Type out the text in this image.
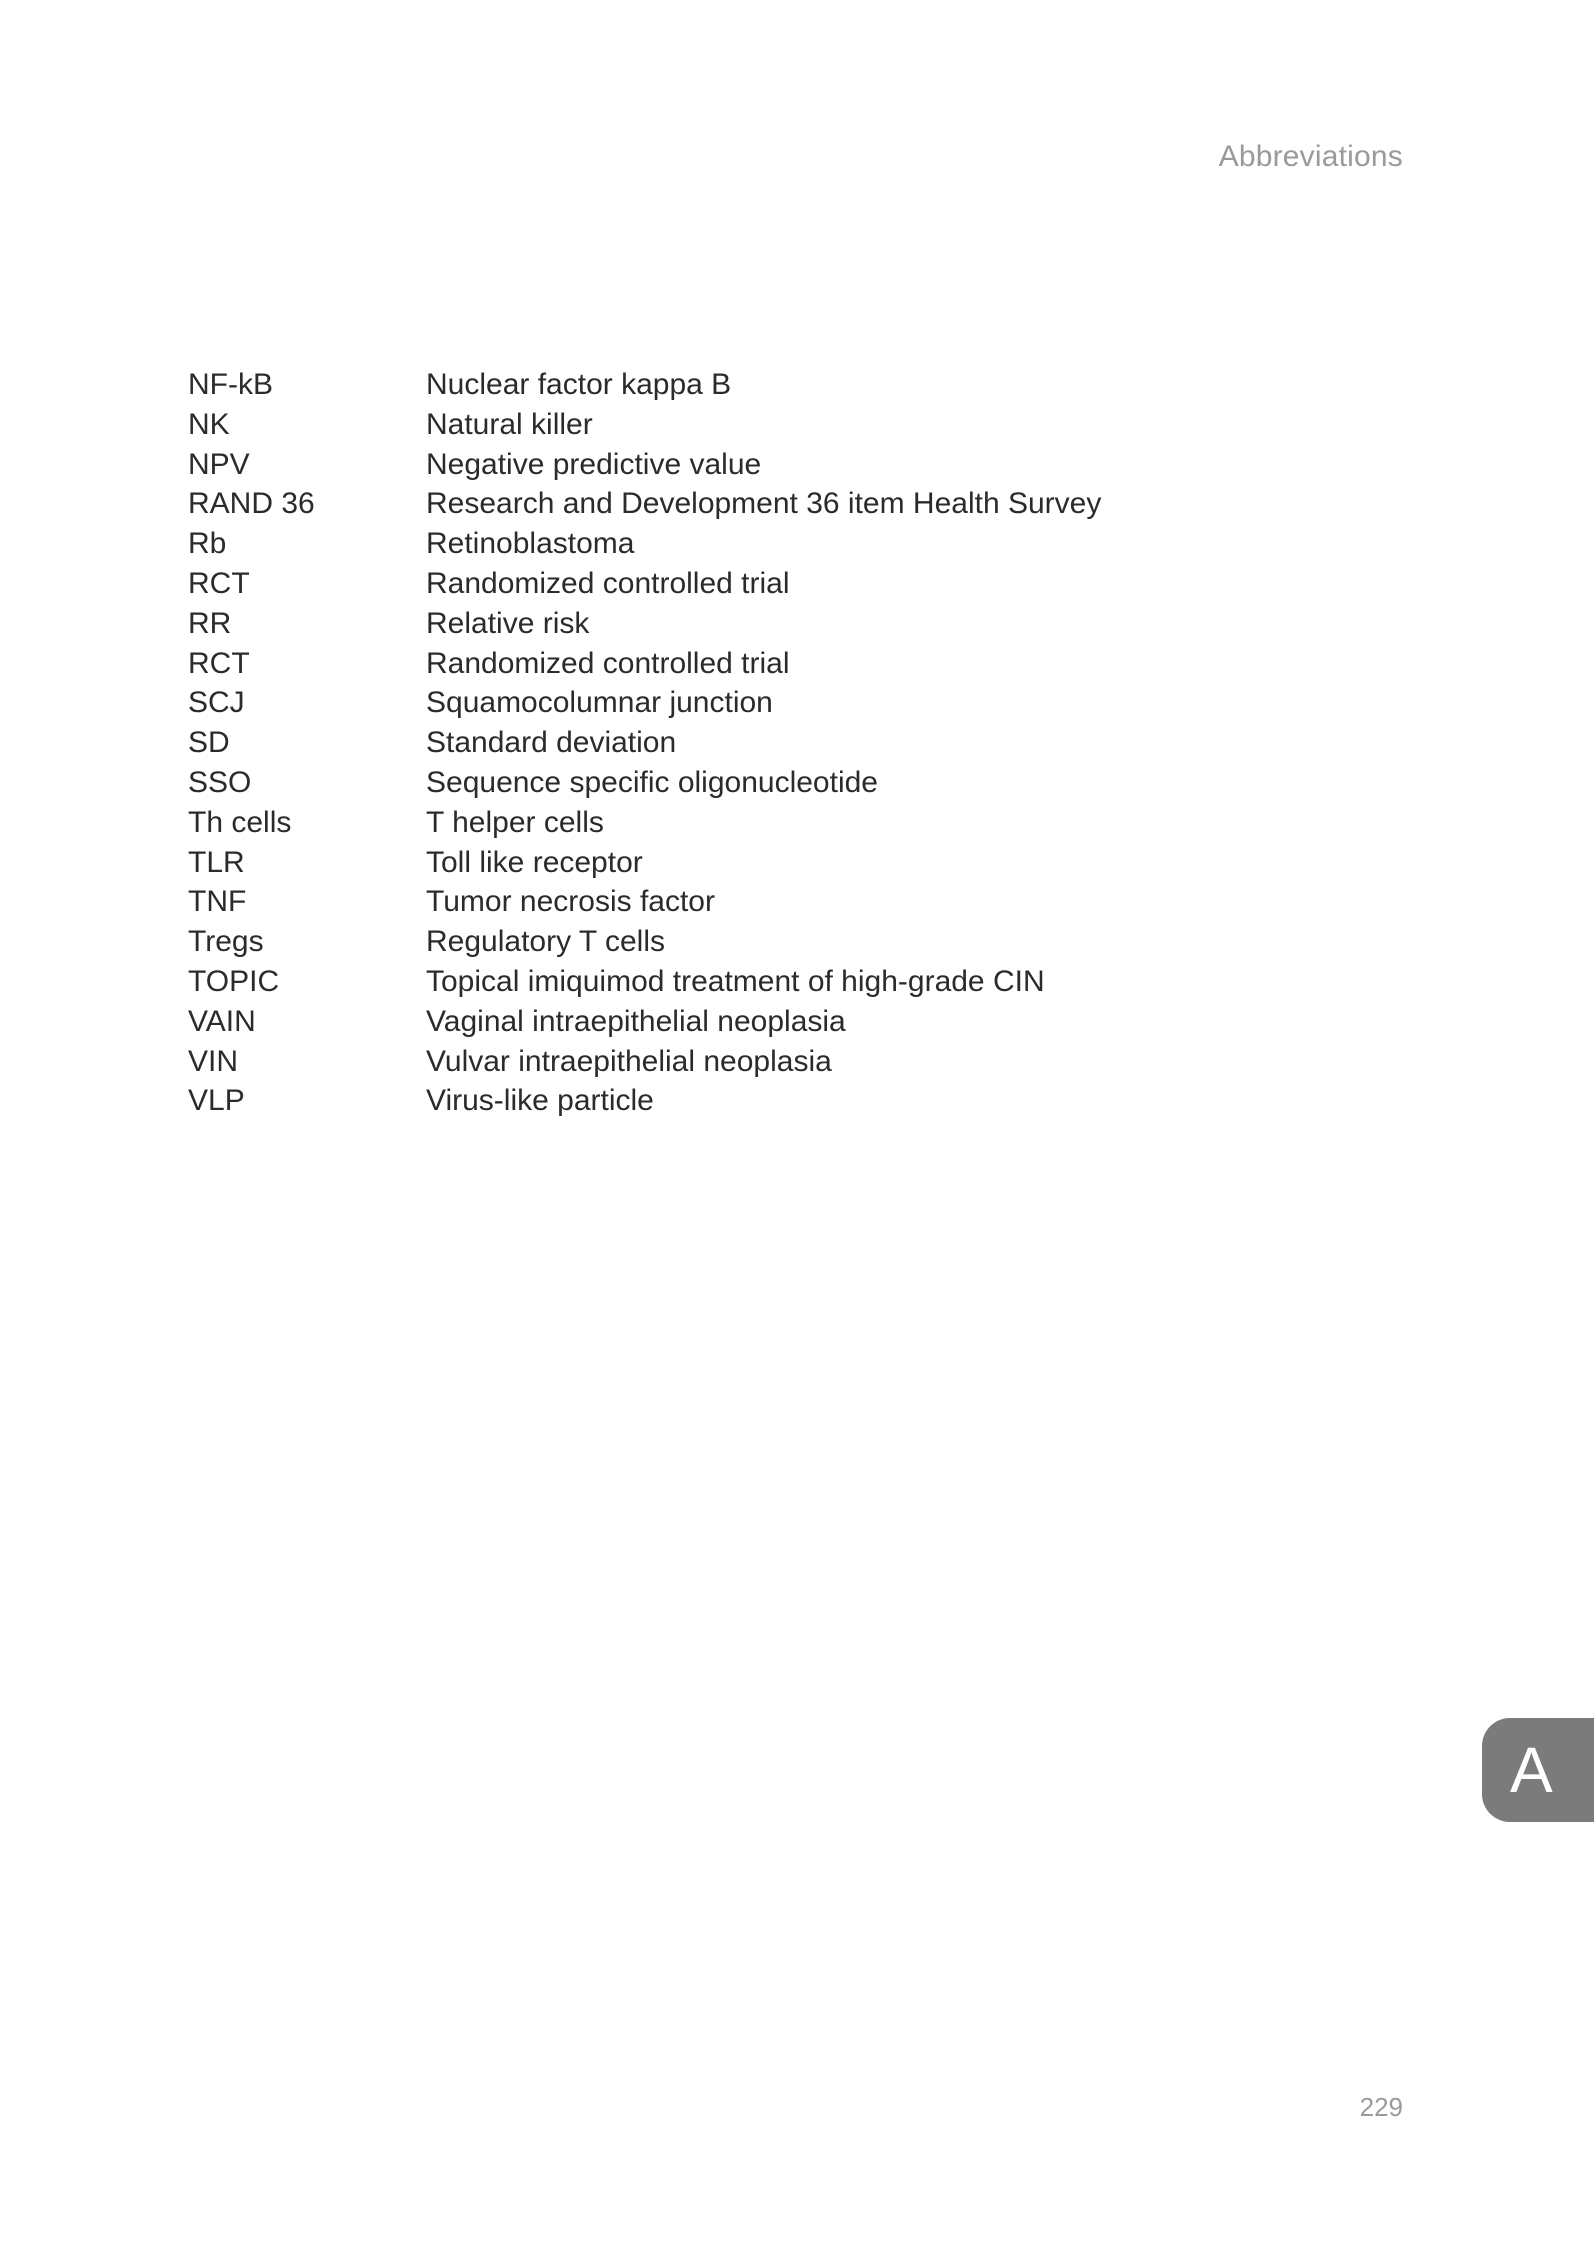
Abbreviations
NF-kB	Nuclear factor kappa B
NK	Natural killer
NPV	Negative predictive value
RAND 36	Research and Development 36 item Health Survey
Rb	Retinoblastoma
RCT	Randomized controlled trial
RR	Relative risk
RCT	Randomized controlled trial
SCJ	Squamocolumnar junction
SD	Standard deviation
SSO	Sequence specific oligonucleotide
Th cells	T helper cells
TLR	Toll like receptor
TNF	Tumor necrosis factor
Tregs	Regulatory T cells
TOPIC	Topical imiquimod treatment of high-grade CIN
VAIN	Vaginal intraepithelial neoplasia
VIN	Vulvar intraepithelial neoplasia
VLP	Virus-like particle
A
229
